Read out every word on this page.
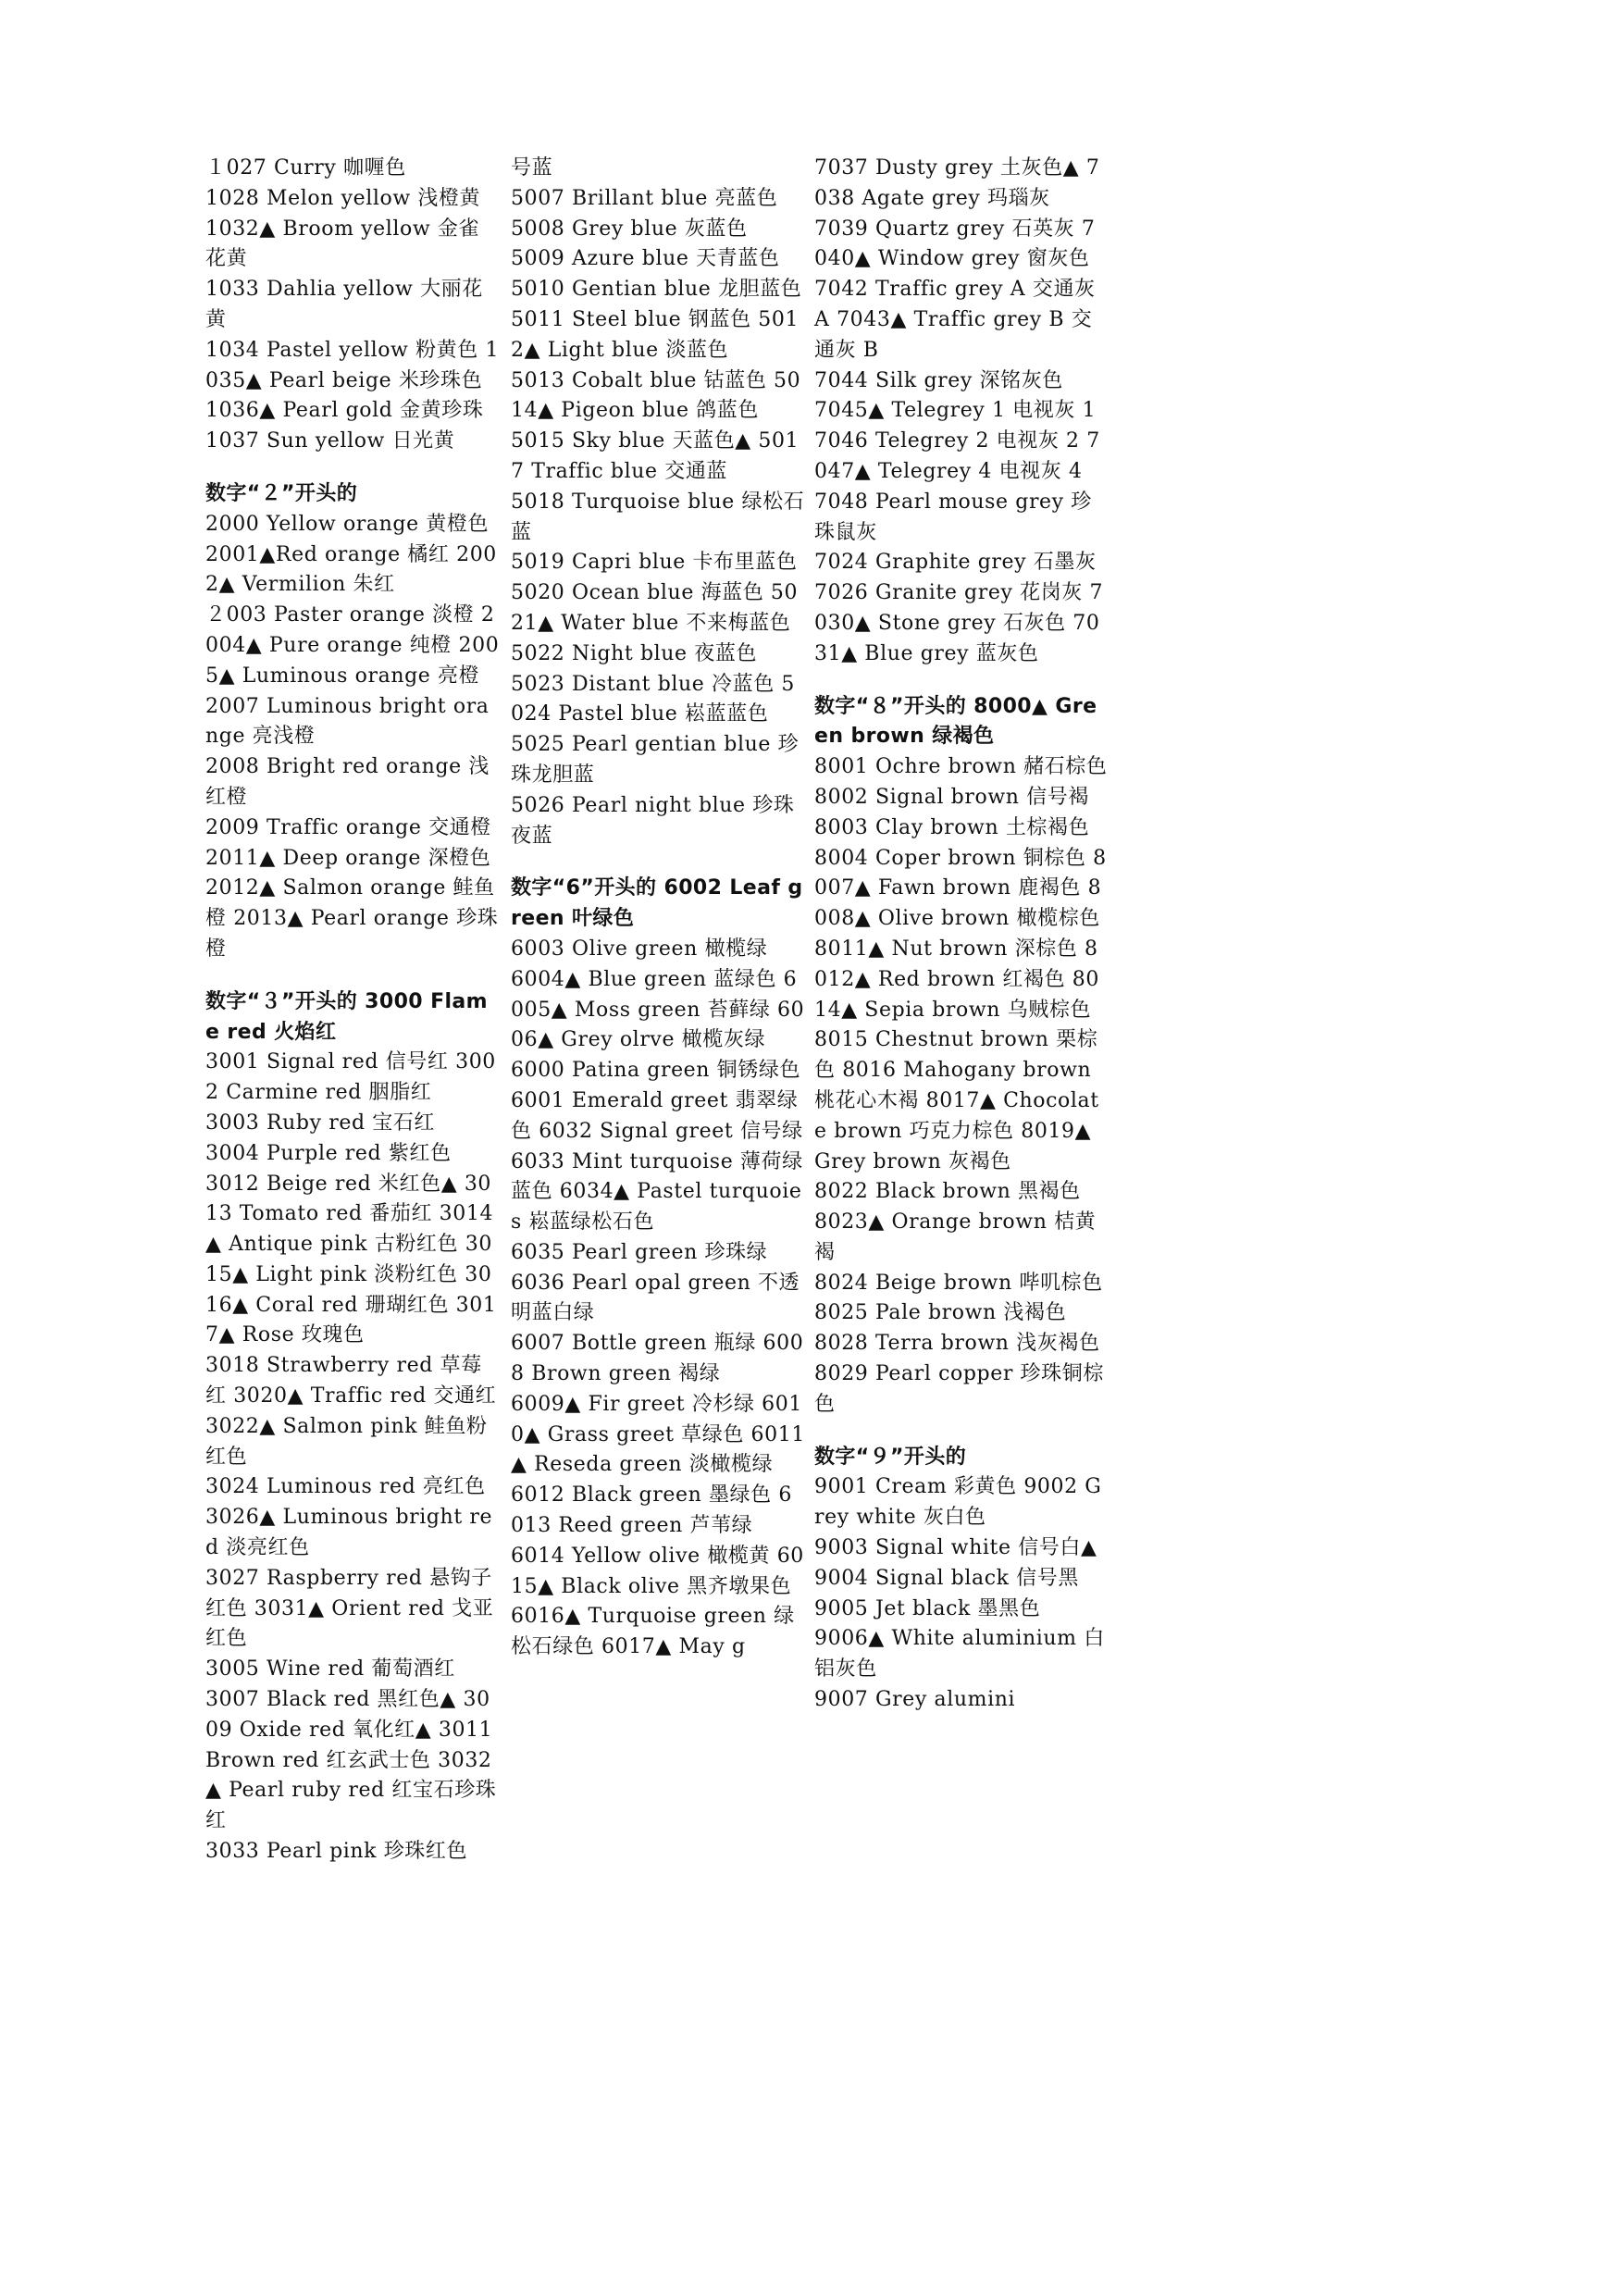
１027 Curry 咖喱色

1028 Melon yellow 浅橙黄 1032▲ Broom yellow 金雀花黄

1033 Dahlia yellow 大丽花黄

1034 Pastel yellow 粉黄色 1035▲ Pearl beige 米珍珠色 1036▲ Pearl gold 金黄珍珠

1037 Sun yellow 日光黄

数字“２”开头的

2000 Yellow orange 黄橙色 2001▲Red orange 橘红 2002▲ Vermilion 朱红

２003 Paster orange 淡橙 2004▲ Pure orange 纯橙 2005▲ Luminous orange 亮橙

2007 Luminous bright orange 亮浅橙

2008 Bright red orange 浅红橙

2009 Traffic orange 交通橙 2011▲ Deep orange 深橙色 2012▲ Salmon orange 鲑鱼橙 2013▲ Pearl orange 珍珠橙

数字“３”开头的 3000 Flame red 火焰红

3001 Signal red 信号红 3002 Carmine red 胭脂红

3003 Ruby red 宝石红

3004 Purple red 紫红色

3012 Beige red 米红色▲ 3013 Tomato red 番茄红 3014▲ Antique pink 古粉红色 3015▲ Light pink 淡粉红色 3016▲ Coral red 珊瑚红色 3017▲ Rose 玫瑰色

3018 Strawberry red 草莓红 3020▲ Traffic red 交通红 3022▲ Salmon pink 鲑鱼粉红色

3024 Luminous red 亮红色 3026▲ Luminous bright red 淡亮红色

3027 Raspberry red 悬钩子红色 3031▲ Orient red 戈亚红色

3005 Wine red 葡萄酒红

3007 Black red 黑红色▲ 3009 Oxide red 氧化红▲ 3011 Brown red 红玄武士色 3032▲ Pearl ruby red 红宝石珍珠红

3033 Pearl pink 珍珠红色

号蓝

5007 Brillant blue 亮蓝色

5008 Grey blue 灰蓝色

5009 Azure blue 天青蓝色

5010 Gentian blue 龙胆蓝色

5011 Steel blue 钢蓝色 5012▲ Light blue 淡蓝色

5013 Cobalt blue 钴蓝色 5014▲ Pigeon blue 鸽蓝色

5015 Sky blue 天蓝色▲ 5017 Traffic blue 交通蓝

5018 Turquoise blue 绿松石蓝

5019 Capri blue 卡布里蓝色

5020 Ocean blue 海蓝色 5021▲ Water blue 不来梅蓝色

5022 Night blue 夜蓝色

5023 Distant blue 冷蓝色 5024 Pastel blue 崧蓝蓝色

5025 Pearl gentian blue 珍珠龙胆蓝

5026 Pearl night blue 珍珠夜蓝

数字“6”开头的 6002 Leaf green 叶绿色

6003 Olive green 橄榄绿

6004▲ Blue green 蓝绿色 6005▲ Moss green 苔藓绿 6006▲ Grey olrve 橄榄灰绿

6000 Patina green 铜锈绿色

6001 Emerald greet 翡翠绿色 6032 Signal greet 信号绿

6033 Mint turquoise 薄荷绿蓝色 6034▲ Pastel turquoies 崧蓝绿松石色

6035 Pearl green 珍珠绿

6036 Pearl opal green 不透明蓝白绿

6007 Bottle green 瓶绿 6008 Brown green 褐绿

6009▲ Fir greet 冷杉绿 6010▲ Grass greet 草绿色 6011▲ Reseda green 淡橄榄绿

6012 Black green 墨绿色 6013 Reed green 芦苇绿

6014 Yellow olive 橄榄黄 6015▲ Black olive 黑齐墩果色 6016▲ Turquoise green 绿松石绿色 6017▲ May g

7037 Dusty grey 土灰色▲ 7038 Agate grey 玛瑙灰

7039 Quartz grey 石英灰 7040▲ Window grey 窗灰色

7042 Traffic grey A 交通灰 A 7043▲ Traffic grey B 交通灰 B

7044 Silk grey 深铭灰色

7045▲ Telegrey 1 电视灰 1

7046 Telegrey 2 电视灰 2 7047▲ Telegrey 4 电视灰 4

7048 Pearl mouse grey 珍珠鼠灰

7024 Graphite grey 石墨灰

7026 Granite grey 花岗灰 7030▲ Stone grey 石灰色 7031▲ Blue grey 蓝灰色

数字“８”开头的 8000▲ Green brown 绿褐色

8001 Ochre brown 赭石棕色

8002 Signal brown 信号褐

8003 Clay brown 土棕褐色

8004 Coper brown 铜棕色 8007▲ Fawn brown 鹿褐色 8008▲ Olive brown 橄榄棕色 8011▲ Nut brown 深棕色 8012▲ Red brown 红褐色 8014▲ Sepia brown 乌贼棕色

8015 Chestnut brown 栗棕色 8016 Mahogany brown 桃花心木褐 8017▲ Chocolate brown 巧克力棕色 8019▲ Grey brown 灰褐色

8022 Black brown 黑褐色

8023▲ Orange brown 桔黄褐

8024 Beige brown 哔叽棕色

8025 Pale brown 浅褐色

8028 Terra brown 浅灰褐色

8029 Pearl copper 珍珠铜棕色

数字“９”开头的

9001 Cream 彩黄色 9002 Grey white 灰白色

9003 Signal white 信号白▲ 9004 Signal black 信号黑

9005 Jet black 墨黑色

9006▲ White aluminium 白铝灰色

9007 Grey alumini
